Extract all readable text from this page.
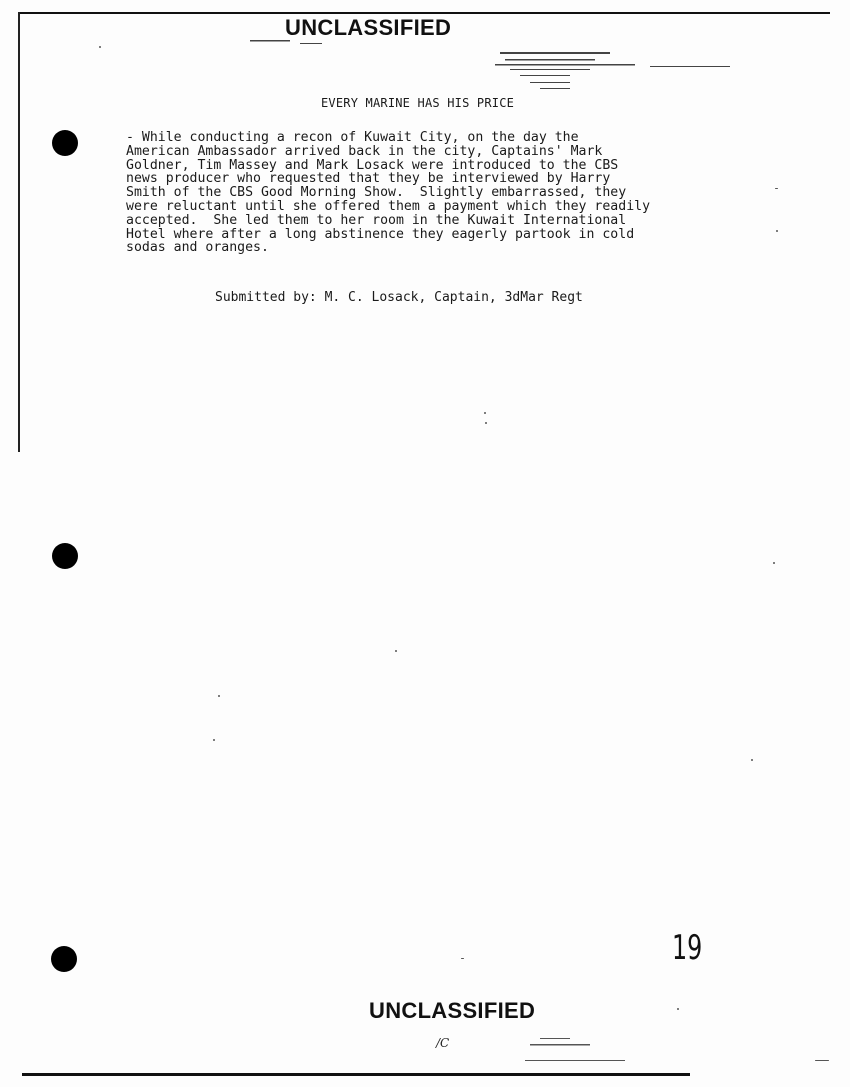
UNCLASSIFIED
EVERY MARINE HAS HIS PRICE
- While conducting a recon of Kuwait City, on the day the
American Ambassador arrived back in the city, Captains' Mark
Goldner, Tim Massey and Mark Losack were introduced to the CBS
news producer who requested that they be interviewed by Harry
Smith of the CBS Good Morning Show.  Slightly embarrassed, they
were reluctant until she offered them a payment which they readily
accepted.  She led them to her room in the Kuwait International
Hotel where after a long abstinence they eagerly partook in cold
sodas and oranges.
Submitted by: M. C. Losack, Captain, 3dMar Regt
19
UNCLASSIFIED
/C
